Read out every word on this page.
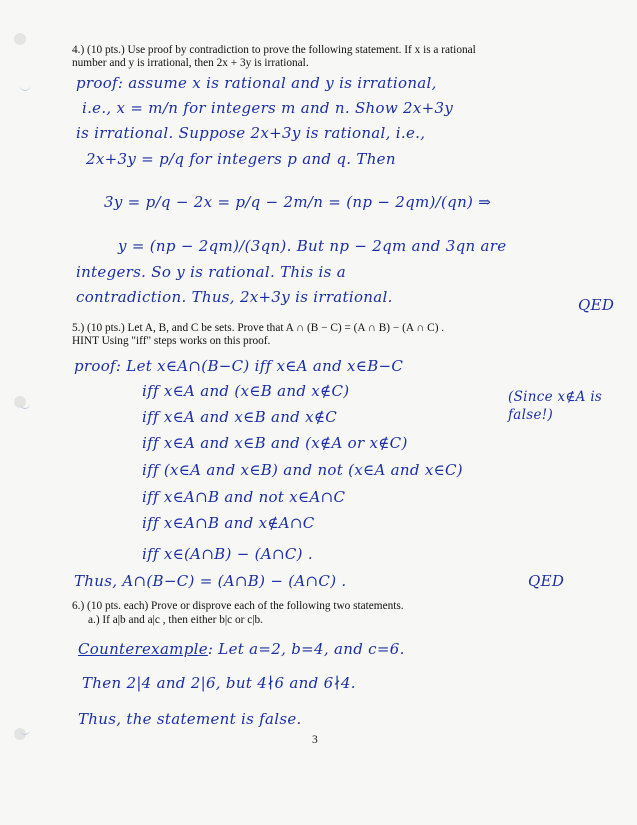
4.) (10 pts.) Use proof by contradiction to prove the following statement. If x is a rational
number and y is irrational, then 2x + 3y is irrational.
proof: assume x is rational and y is irrational,
i.e., x = m/n for integers m and n. Show 2x+3y
is irrational. Suppose 2x+3y is rational, i.e.,
2x+3y = p/q for integers p and q. Then
3y = p/q − 2x = p/q − 2m/n = (np − 2qm)/(qn) ⇒
y = (np − 2qm)/(3qn). But np − 2qm and 3qn are
integers. So y is rational. This is a
contradiction. Thus, 2x+3y is irrational.	QED
5.) (10 pts.) Let A, B, and C be sets. Prove that A ∩ (B − C) = (A ∩ B) − (A ∩ C) .
HINT Using "iff" steps works on this proof.
proof: Let x∈A∩(B−C) iff x∈A and x∈B−C
iff x∈A and (x∈B and x∉C)
iff x∈A and x∈B and x∉C
(Since x∉A is false!)
iff x∈A and x∈B and (x∉A or x∉C)
iff (x∈A and x∈B) and not (x∈A and x∈C)
iff x∈A∩B and not x∈A∩C
iff x∈A∩B and x∉A∩C
iff x∈(A∩B) − (A∩C) .
Thus, A∩(B−C) = (A∩B) − (A∩C) .	QED
6.) (10 pts. each) Prove or disprove each of the following two statements.
a.) If a|b and a|c , then either b|c or c|b.
Counterexample: Let a=2, b=4, and c=6.
Then 2|4 and 2|6, but 4∤6 and 6∤4.
Thus, the statement is false.
3
